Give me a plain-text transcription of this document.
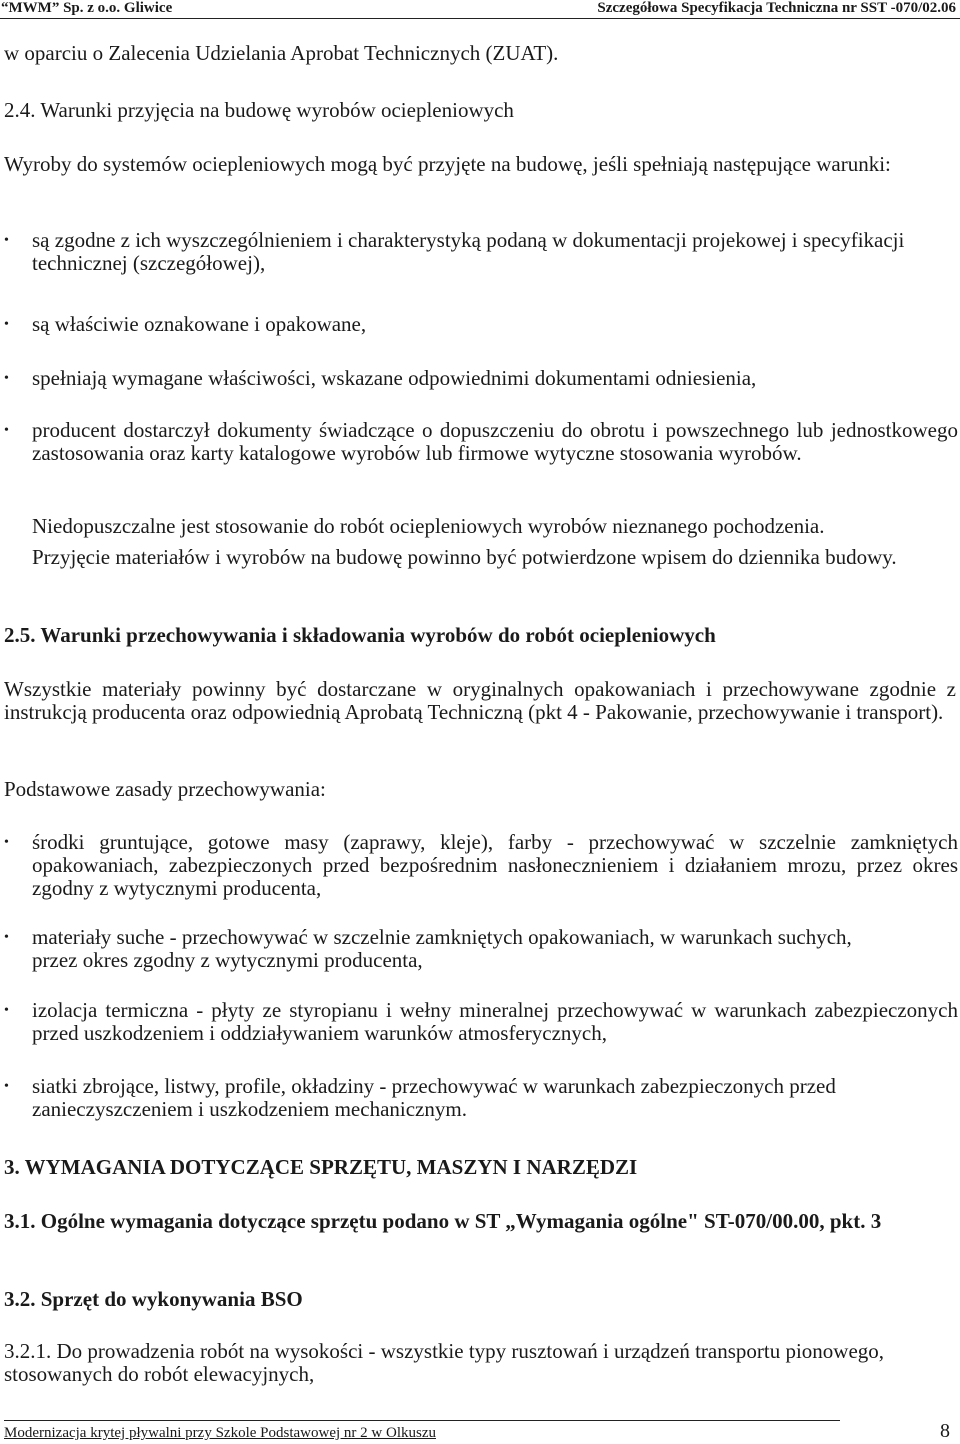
“MWM” Sp. z o.o. Gliwice	Szczegółowa Specyfikacja Techniczna nr SST -070/02.06
w oparciu o Zalecenia Udzielania Aprobat Technicznych (ZUAT).
2.4. Warunki przyjęcia na budowę wyrobów ociepleniowych
Wyroby do systemów ociepleniowych mogą być przyjęte na budowę, jeśli spełniają następujące warunki:
• są zgodne z ich wyszczególnieniem i charakterystyką podaną w dokumentacji projekowej i specyfikacji technicznej (szczegółowej),
• są właściwie oznakowane i opakowane,
• spełniają wymagane właściwości, wskazane odpowiednimi dokumentami odniesienia,
• producent dostarczył dokumenty świadczące o dopuszczeniu do obrotu i powszechnego lub jednostkowego zastosowania oraz karty katalogowe wyrobów lub firmowe wytyczne stosowania wyrobów.
Niedopuszczalne jest stosowanie do robót ociepleniowych wyrobów nieznanego pochodzenia.
Przyjęcie materiałów i wyrobów na budowę powinno być potwierdzone wpisem do dziennika budowy.
2.5. Warunki przechowywania i składowania wyrobów do robót ociepleniowych
Wszystkie materiały powinny być dostarczane w oryginalnych opakowaniach i przechowywane zgodnie z instrukcją producenta oraz odpowiednią Aprobatą Techniczną (pkt 4 - Pakowanie, przechowywanie i transport).
Podstawowe zasady przechowywania:
• środki gruntujące, gotowe masy (zaprawy, kleje), farby - przechowywać w szczelnie zamkniętych opakowaniach, zabezpieczonych przed bezpośrednim nasłonecznieniem i działaniem mrozu, przez okres zgodny z wytycznymi producenta,
• materiały suche - przechowywać w szczelnie zamkniętych opakowaniach, w warunkach suchych, przez okres zgodny z wytycznymi producenta,
• izolacja termiczna - płyty ze styropianu i wełny mineralnej przechowywać w warunkach zabezpieczonych przed uszkodzeniem i oddziaływaniem warunków atmosferycznych,
• siatki zbrojące, listwy, profile, okładziny - przechowywać w warunkach zabezpieczonych przed zanieczyszczeniem i uszkodzeniem mechanicznym.
3. WYMAGANIA DOTYCZĄCE SPRZĘTU, MASZYN I NARZĘDZI
3.1. Ogólne wymagania dotyczące sprzętu podano w ST „Wymagania ogólne" ST-070/00.00, pkt. 3
3.2. Sprzęt do wykonywania BSO
3.2.1. Do prowadzenia robót na wysokości - wszystkie typy rusztowań i urządzeń transportu pionowego, stosowanych do robót elewacyjnych,
Modernizacja krytej pływalni przy Szkole Podstawowej nr 2 w Olkuszu	8
